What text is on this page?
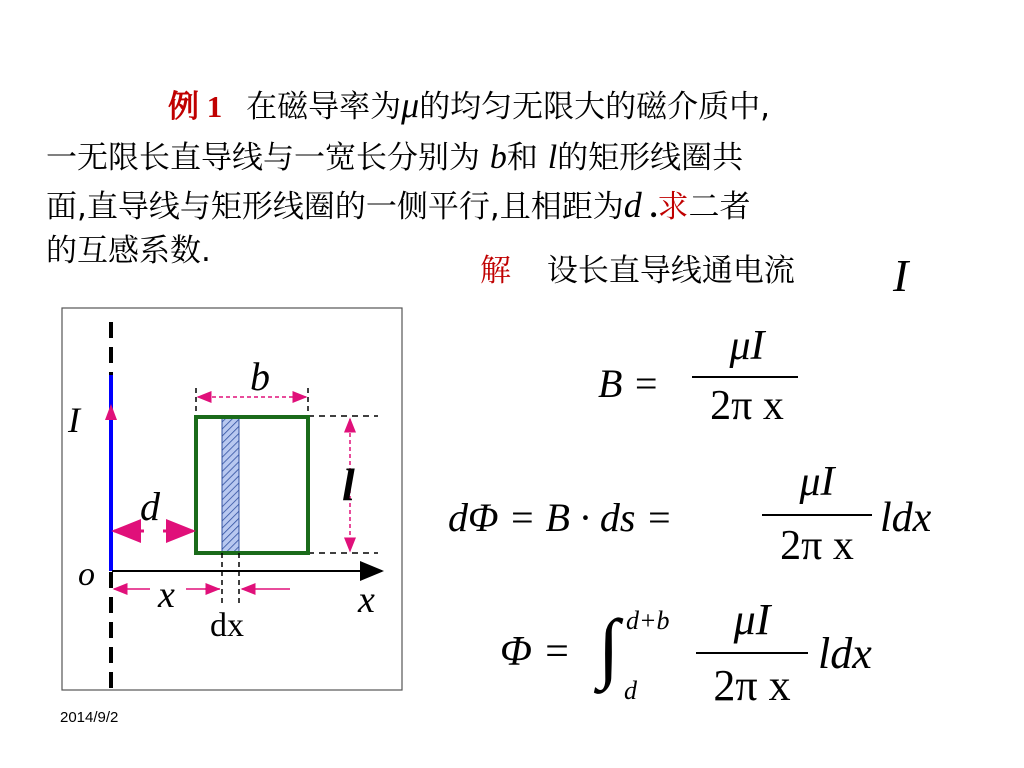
例 1 在磁导率为μ的均匀无限大的磁介质中,
一无限长直导线与一宽长分别为 b和 l的矩形线圈共
面,直导线与矩形线圈的一侧平行,且相距为d .求二者
的互感系数.
解 设长直导线通电流 I
I
b
l
d
o x	x
dx
B =
μI
2π x
dΦ = B · ds =
μI
2π x
ldx
Φ = ∫ d+b
d
μI
2π x
ldx
2014/9/2
